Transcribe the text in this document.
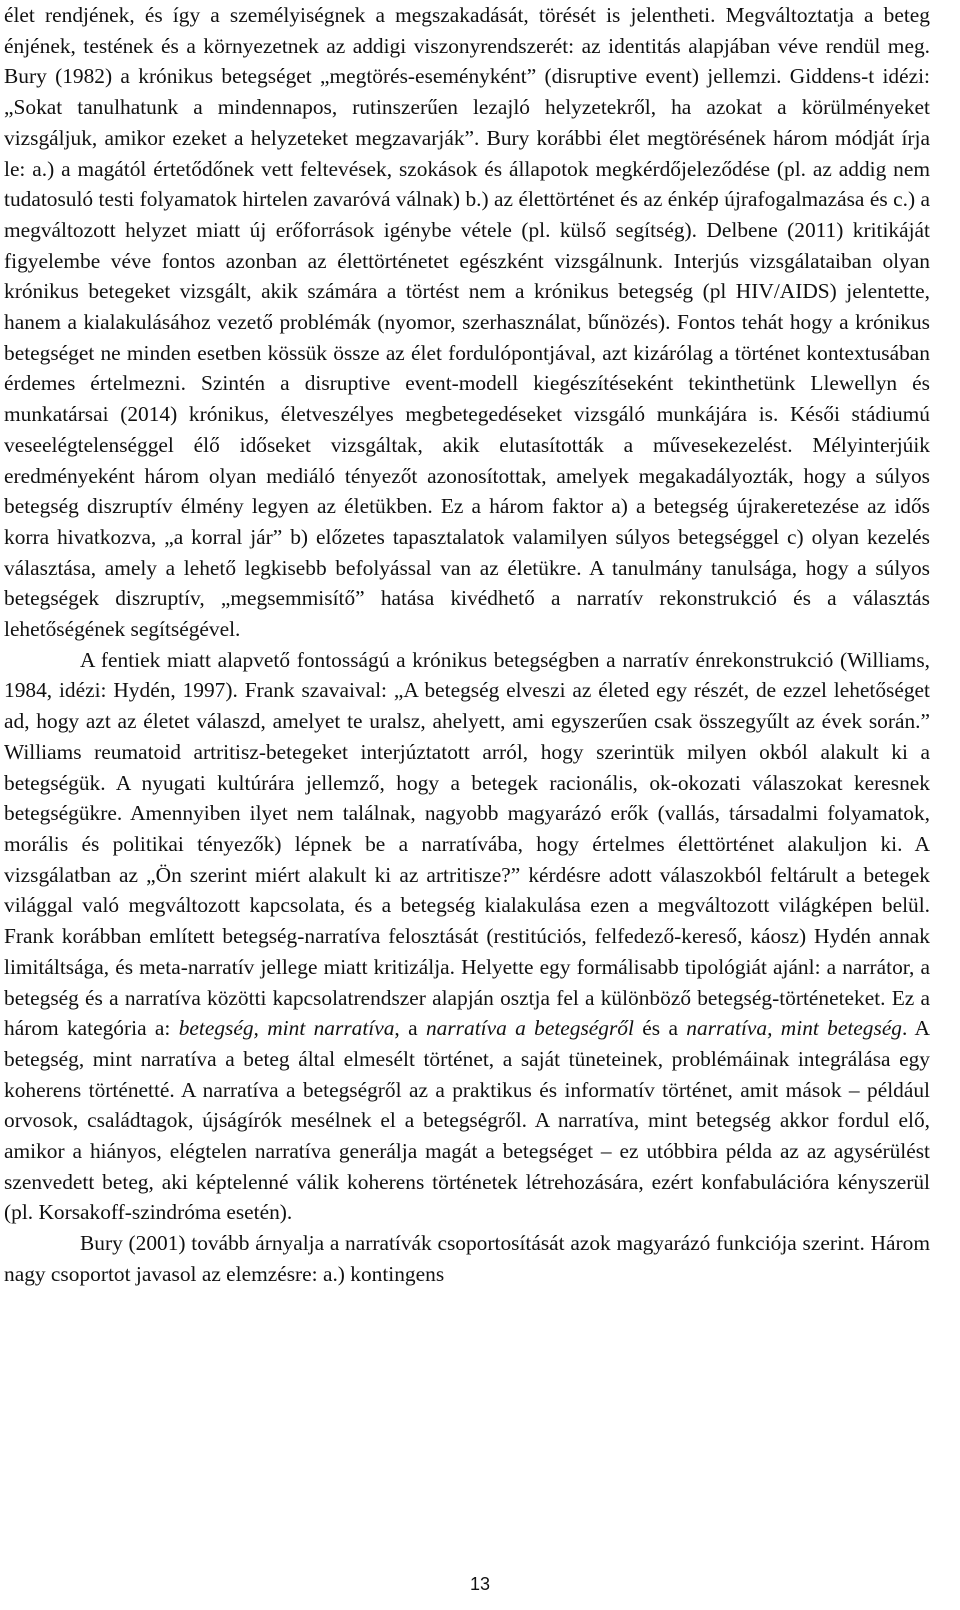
élet rendjének, és így a személyiségnek a megszakadását, törését is jelentheti. Megváltoztatja a beteg énjének, testének és a környezetnek az addigi viszonyrendszerét: az identitás alapjában véve rendül meg. Bury (1982) a krónikus betegséget „megtörés-eseményként” (disruptive event) jellemzi. Giddens-t idézi: „Sokat tanulhatunk a mindennapos, rutinszerűen lezajló helyzetekről, ha azokat a körülményeket vizsgáljuk, amikor ezeket a helyzeteket megzavarják”. Bury korábbi élet megtörésének három módját írja le: a.) a magától értetődőnek vett feltevések, szokások és állapotok megkérdőjeleződése (pl. az addig nem tudatosuló testi folyamatok hirtelen zavaróvá válnak) b.) az élettörténet és az énkép újrafogalmazása és c.) a megváltozott helyzet miatt új erőforrások igénybe vétele (pl. külső segítség). Delbene (2011) kritikáját figyelembe véve fontos azonban az élettörténetet egészként vizsgálnunk. Interjús vizsgálataiban olyan krónikus betegeket vizsgált, akik számára a törtést nem a krónikus betegség (pl HIV/AIDS) jelentette, hanem a kialakulásához vezető problémák (nyomor, szerhasználat, bűnözés). Fontos tehát hogy a krónikus betegséget ne minden esetben kössük össze az élet fordulópontjával, azt kizárólag a történet kontextusában érdemes értelmezni. Szintén a disruptive event-modell kiegészítéseként tekinthetünk Llewellyn és munkatársai (2014) krónikus, életveszélyes megbetegedéseket vizsgáló munkájára is. Késői stádiumú veseelégtelenséggel élő időseket vizsgáltak, akik elutasították a művesekezelést. Mélyinterjúik eredményeként három olyan mediáló tényezőt azonosítottak, amelyek megakadályozták, hogy a súlyos betegség diszruptív élmény legyen az életükben. Ez a három faktor a) a betegség újrakeretezése az idős korra hivatkozva, „a korral jár” b) előzetes tapasztalatok valamilyen súlyos betegséggel c) olyan kezelés választása, amely a lehető legkisebb befolyással van az életükre. A tanulmány tanulsága, hogy a súlyos betegségek diszruptív, „megsemmisítő” hatása kivédhető a narratív rekonstrukció és a választás lehetőségének segítségével.

A fentiek miatt alapvető fontosságú a krónikus betegségben a narratív énrekonstrukció (Williams, 1984, idézi: Hydén, 1997). Frank szavaival: „A betegség elveszi az életed egy részét, de ezzel lehetőséget ad, hogy azt az életet válaszd, amelyet te uralsz, ahelyett, ami egyszerűen csak összegyűlt az évek során.” Williams reumatoid artritisz-betegeket interjúztatott arról, hogy szerintük milyen okból alakult ki a betegségük. A nyugati kultúrára jellemző, hogy a betegek racionális, ok-okozati válaszokat keresnek betegségükre. Amennyiben ilyet nem találnak, nagyobb magyarázó erők (vallás, társadalmi folyamatok, morális és politikai tényezők) lépnek be a narratívába, hogy értelmes élettörténet alakuljon ki. A vizsgálatban az „Ön szerint miért alakult ki az artritisze?” kérdésre adott válaszokból feltárult a betegek világgal való megváltozott kapcsolata, és a betegség kialakulása ezen a megváltozott világképen belül. Frank korábban említett betegség-narratíva felosztását (restitúciós, felfedező-kereső, káosz) Hydén annak limitáltsága, és meta-narratív jellege miatt kritizálja. Helyette egy formálisabb tipológiát ajánl: a narrátor, a betegség és a narratíva közötti kapcsolatrendszer alapján osztja fel a különböző betegség-történeteket. Ez a három kategória a: betegség, mint narratíva, a narratíva a betegségről és a narratíva, mint betegség. A betegség, mint narratíva a beteg által elmesélt történet, a saját tüneteinek, problémáinak integrálása egy koherens történetté. A narratíva a betegségről az a praktikus és informatív történet, amit mások – például orvosok, családtagok, újságírók mesélnek el a betegségről. A narratíva, mint betegség akkor fordul elő, amikor a hiányos, elégtelen narratíva generálja magát a betegséget – ez utóbbira példa az az agysérülést szenvedett beteg, aki képtelenné válik koherens történetek létrehozására, ezért konfabulációra kényszerül (pl. Korsakoff-szindróma esetén).

Bury (2001) tovább árnyalja a narratívák csoportosítását azok magyarázó funkciója szerint. Három nagy csoportot javasol az elemzésre: a.) kontingens

13
